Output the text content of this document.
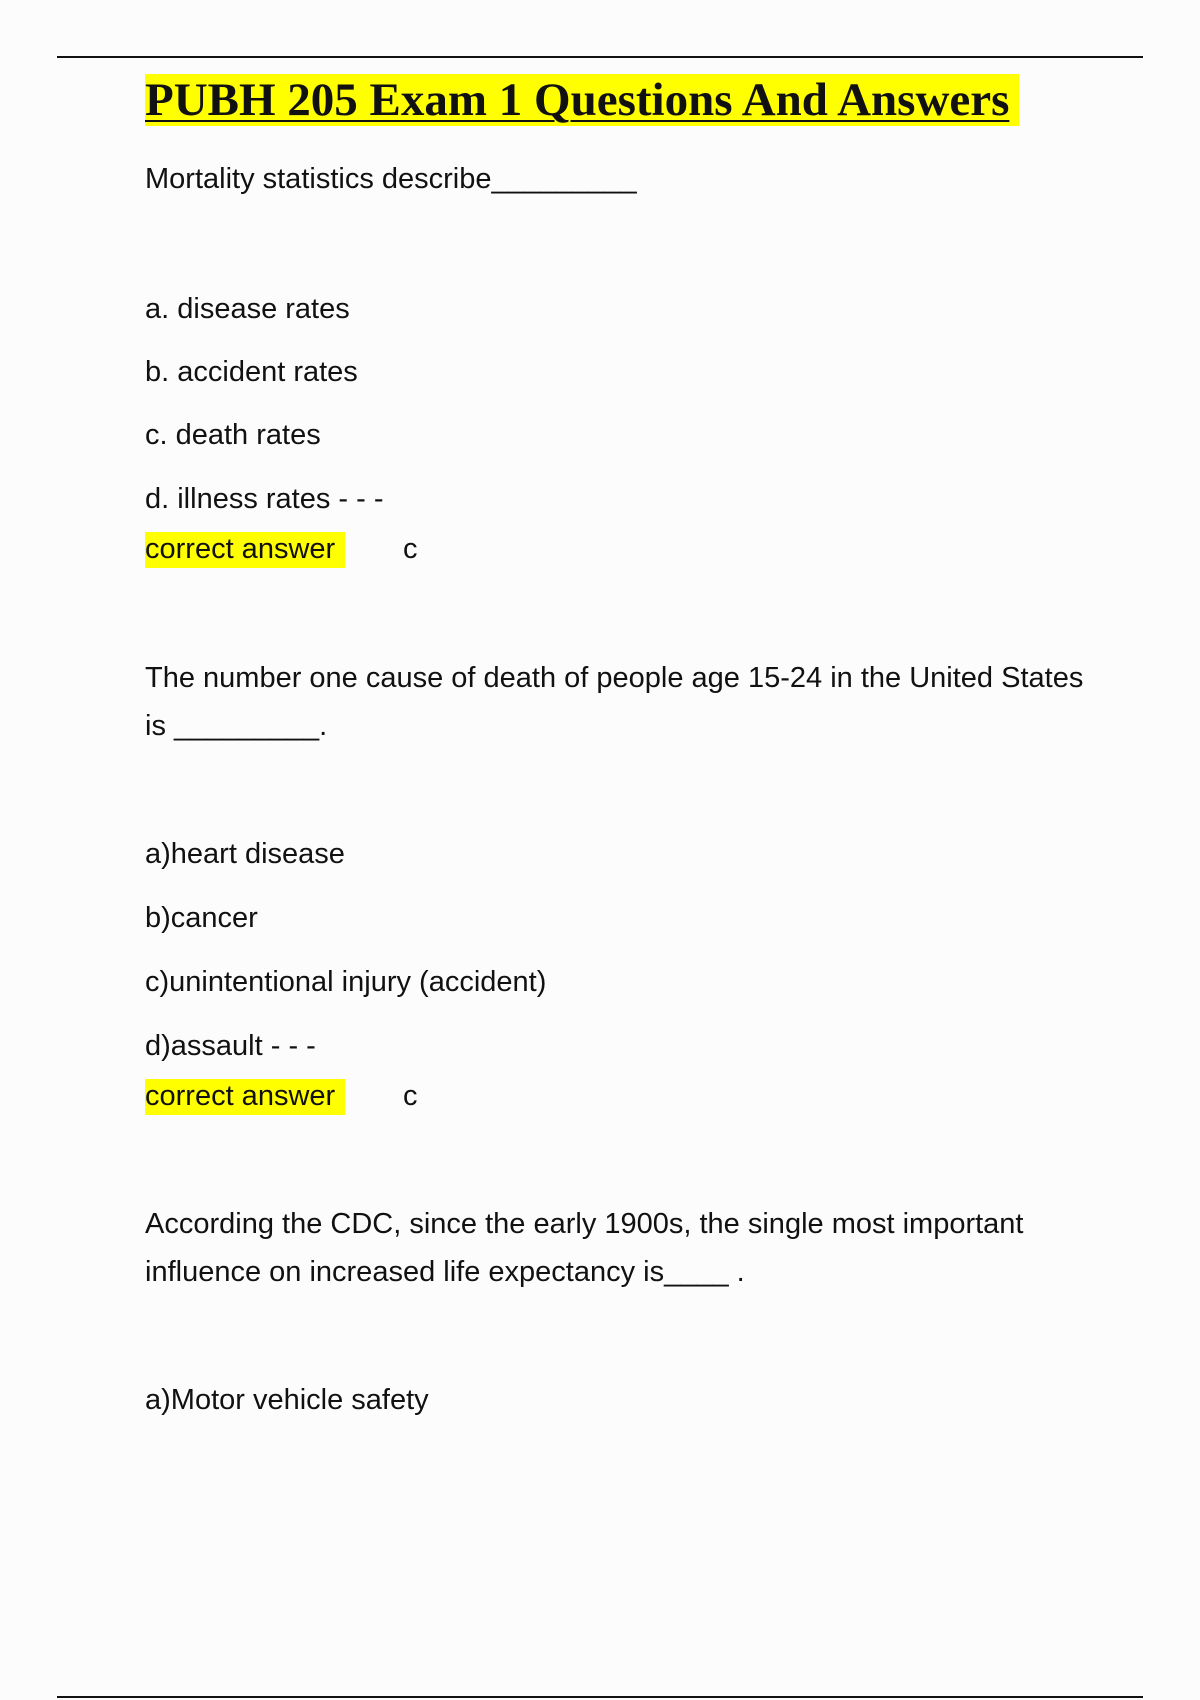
PUBH 205 Exam 1 Questions And Answers
Mortality statistics describe_________
a. disease rates
b. accident rates
c. death rates
d. illness rates - - -
correct answer c
The number one cause of death of people age 15-24 in the United States is _________.
a)heart disease
b)cancer
c)unintentional injury (accident)
d)assault - - -
correct answer c
According the CDC, since the early 1900s, the single most important influence on increased life expectancy is____ .
a)Motor vehicle safety
